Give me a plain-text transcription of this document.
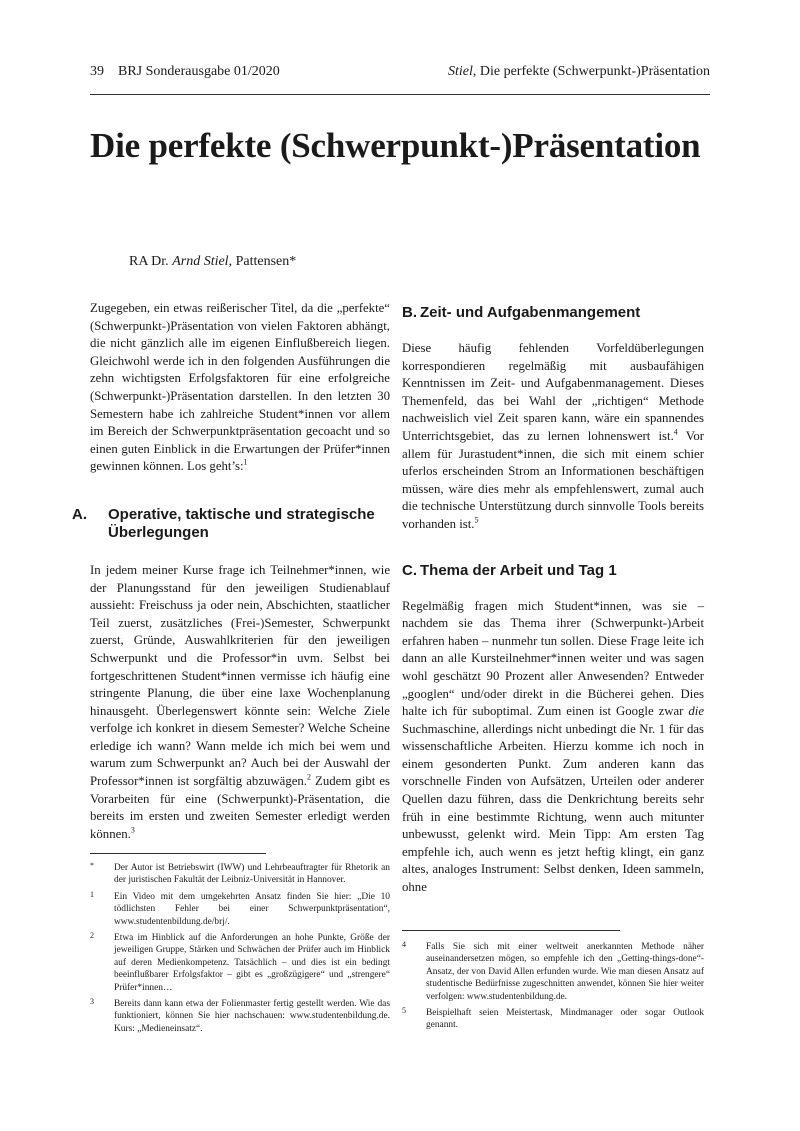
39 BRJ Sonderausgabe 01/2020	Stiel, Die perfekte (Schwerpunkt-)Präsentation
Die perfekte (Schwerpunkt-)Präsentation
RA Dr. Arnd Stiel, Pattensen*

Zugegeben, ein etwas reißerischer Titel, da die „perfekte“ (Schwerpunkt-)Präsentation von vielen Faktoren abhängt, die nicht gänzlich alle im eigenen Einflußbereich liegen. Gleichwohl werde ich in den folgenden Ausführungen die zehn wichtigsten Erfolgsfaktoren für eine erfolgreiche (Schwerpunkt-)Präsentation darstellen. In den letzten 30 Semestern habe ich zahlreiche Student*innen vor allem im Bereich der Schwerpunktpräsentation gecoacht und so einen guten Einblick in die Erwartungen der Prüfer*innen gewinnen können. Los geht’s:$^1$

A. Operative, taktische und strategische Überlegungen

In jedem meiner Kurse frage ich Teilnehmer*innen, wie der Planungsstand für den jeweiligen Studienablauf aussieht: Freischuss ja oder nein, Abschichten, staatlicher Teil zuerst, zusätzliches (Frei-)Semester, Schwerpunkt zuerst, Gründe, Auswahlkriterien für den jeweiligen Schwerpunkt und die Professor*in uvm. Selbst bei fortgeschrittenen Student*innen vermisse ich häufig eine stringente Planung, die über eine laxe Wochenplanung hinausgeht. Überlegenswert könnte sein: Welche Ziele verfolge ich konkret in diesem Semester? Welche Scheine erledige ich wann? Wann melde ich mich bei wem und warum zum Schwerpunkt an? Auch bei der Auswahl der Professor*innen ist sorgfältig abzuwägen.$^2$ Zudem gibt es Vorarbeiten für eine (Schwerpunkt)-Präsentation, die bereits im ersten und zweiten Semester erledigt werden können.$^3$

B. Zeit- und Aufgabenmangement

Diese häufig fehlenden Vorfeldüberlegungen korrespondieren regelmäßig mit ausbaufähigen Kenntnissen im Zeit- und Aufgabenmanagement. Dieses Themenfeld, das bei Wahl der „richtigen“ Methode nachweislich viel Zeit sparen kann, wäre ein spannendes Unterrichtsgebiet, das zu lernen lohnenswert ist.$^4$ Vor allem für Jurastudent*innen, die sich mit einem schier uferlos erscheinden Strom an Informationen beschäftigen müssen, wäre dies mehr als empfehlenswert, zumal auch die technische Unterstützung durch sinnvolle Tools bereits vorhanden ist.$^5$

C. Thema der Arbeit und Tag 1

Regelmäßig fragen mich Student*innen, was sie – nachdem sie das Thema ihrer (Schwerpunkt-)Arbeit erfahren haben – nunmehr tun sollen. Diese Frage leite ich dann an alle Kursteilnehmer*innen weiter und was sagen wohl geschätzt 90 Prozent aller Anwesenden? Entweder „googlen“ und/oder direkt in die Bücherei gehen. Dies halte ich für suboptimal. Zum einen ist Google zwar die Suchmaschine, allerdings nicht unbedingt die Nr. 1 für das wissenschaftliche Arbeiten. Hierzu komme ich noch in einem gesonderten Punkt. Zum anderen kann das vorschnelle Finden von Aufsätzen, Urteilen oder anderer Quellen dazu führen, dass die Denkrichtung bereits sehr früh in eine bestimmte Richtung, wenn auch mitunter unbewusst, gelenkt wird. Mein Tipp: Am ersten Tag empfehle ich, auch wenn es jetzt heftig klingt, ein ganz altes, analoges Instrument: Selbst denken, Ideen sammeln, ohne

* Der Autor ist Betriebswirt (IWW) und Lehrbeauftragter für Rhetorik an der juristischen Fakultät der Leibniz-Universität in Hannover.
1 Ein Video mit dem umgekehrten Ansatz finden Sie hier: „Die 10 tödlichsten Fehler bei einer Schwerpunktpräsentation“, www.studentenbildung.de/brj/.
2 Etwa im Hinblick auf die Anforderungen an hohe Punkte, Größe der jeweiligen Gruppe, Stärken und Schwächen der Prüfer auch im Hinblick auf deren Medienkompetenz. Tatsächlich – und dies ist ein bedingt beeinflußbarer Erfolgsfaktor – gibt es „großzügigere“ und „strengere“ Prüfer*innen…
3 Bereits dann kann etwa der Folienmaster fertig gestellt werden. Wie das funktioniert, können Sie hier nachschauen: www.studentenbildung.de. Kurs: „Medieneinsatz“.
4 Falls Sie sich mit einer weltweit anerkannten Methode näher auseinandersetzen mögen, so empfehle ich den „Getting-things-done“-Ansatz, der von David Allen erfunden wurde. Wie man diesen Ansatz auf studentische Bedürfnisse zugeschnitten anwendet, können Sie hier weiter verfolgen: www.studentenbildung.de.
5 Beispielhaft seien Meistertask, Mindmanager oder sogar Outlook genannt.
